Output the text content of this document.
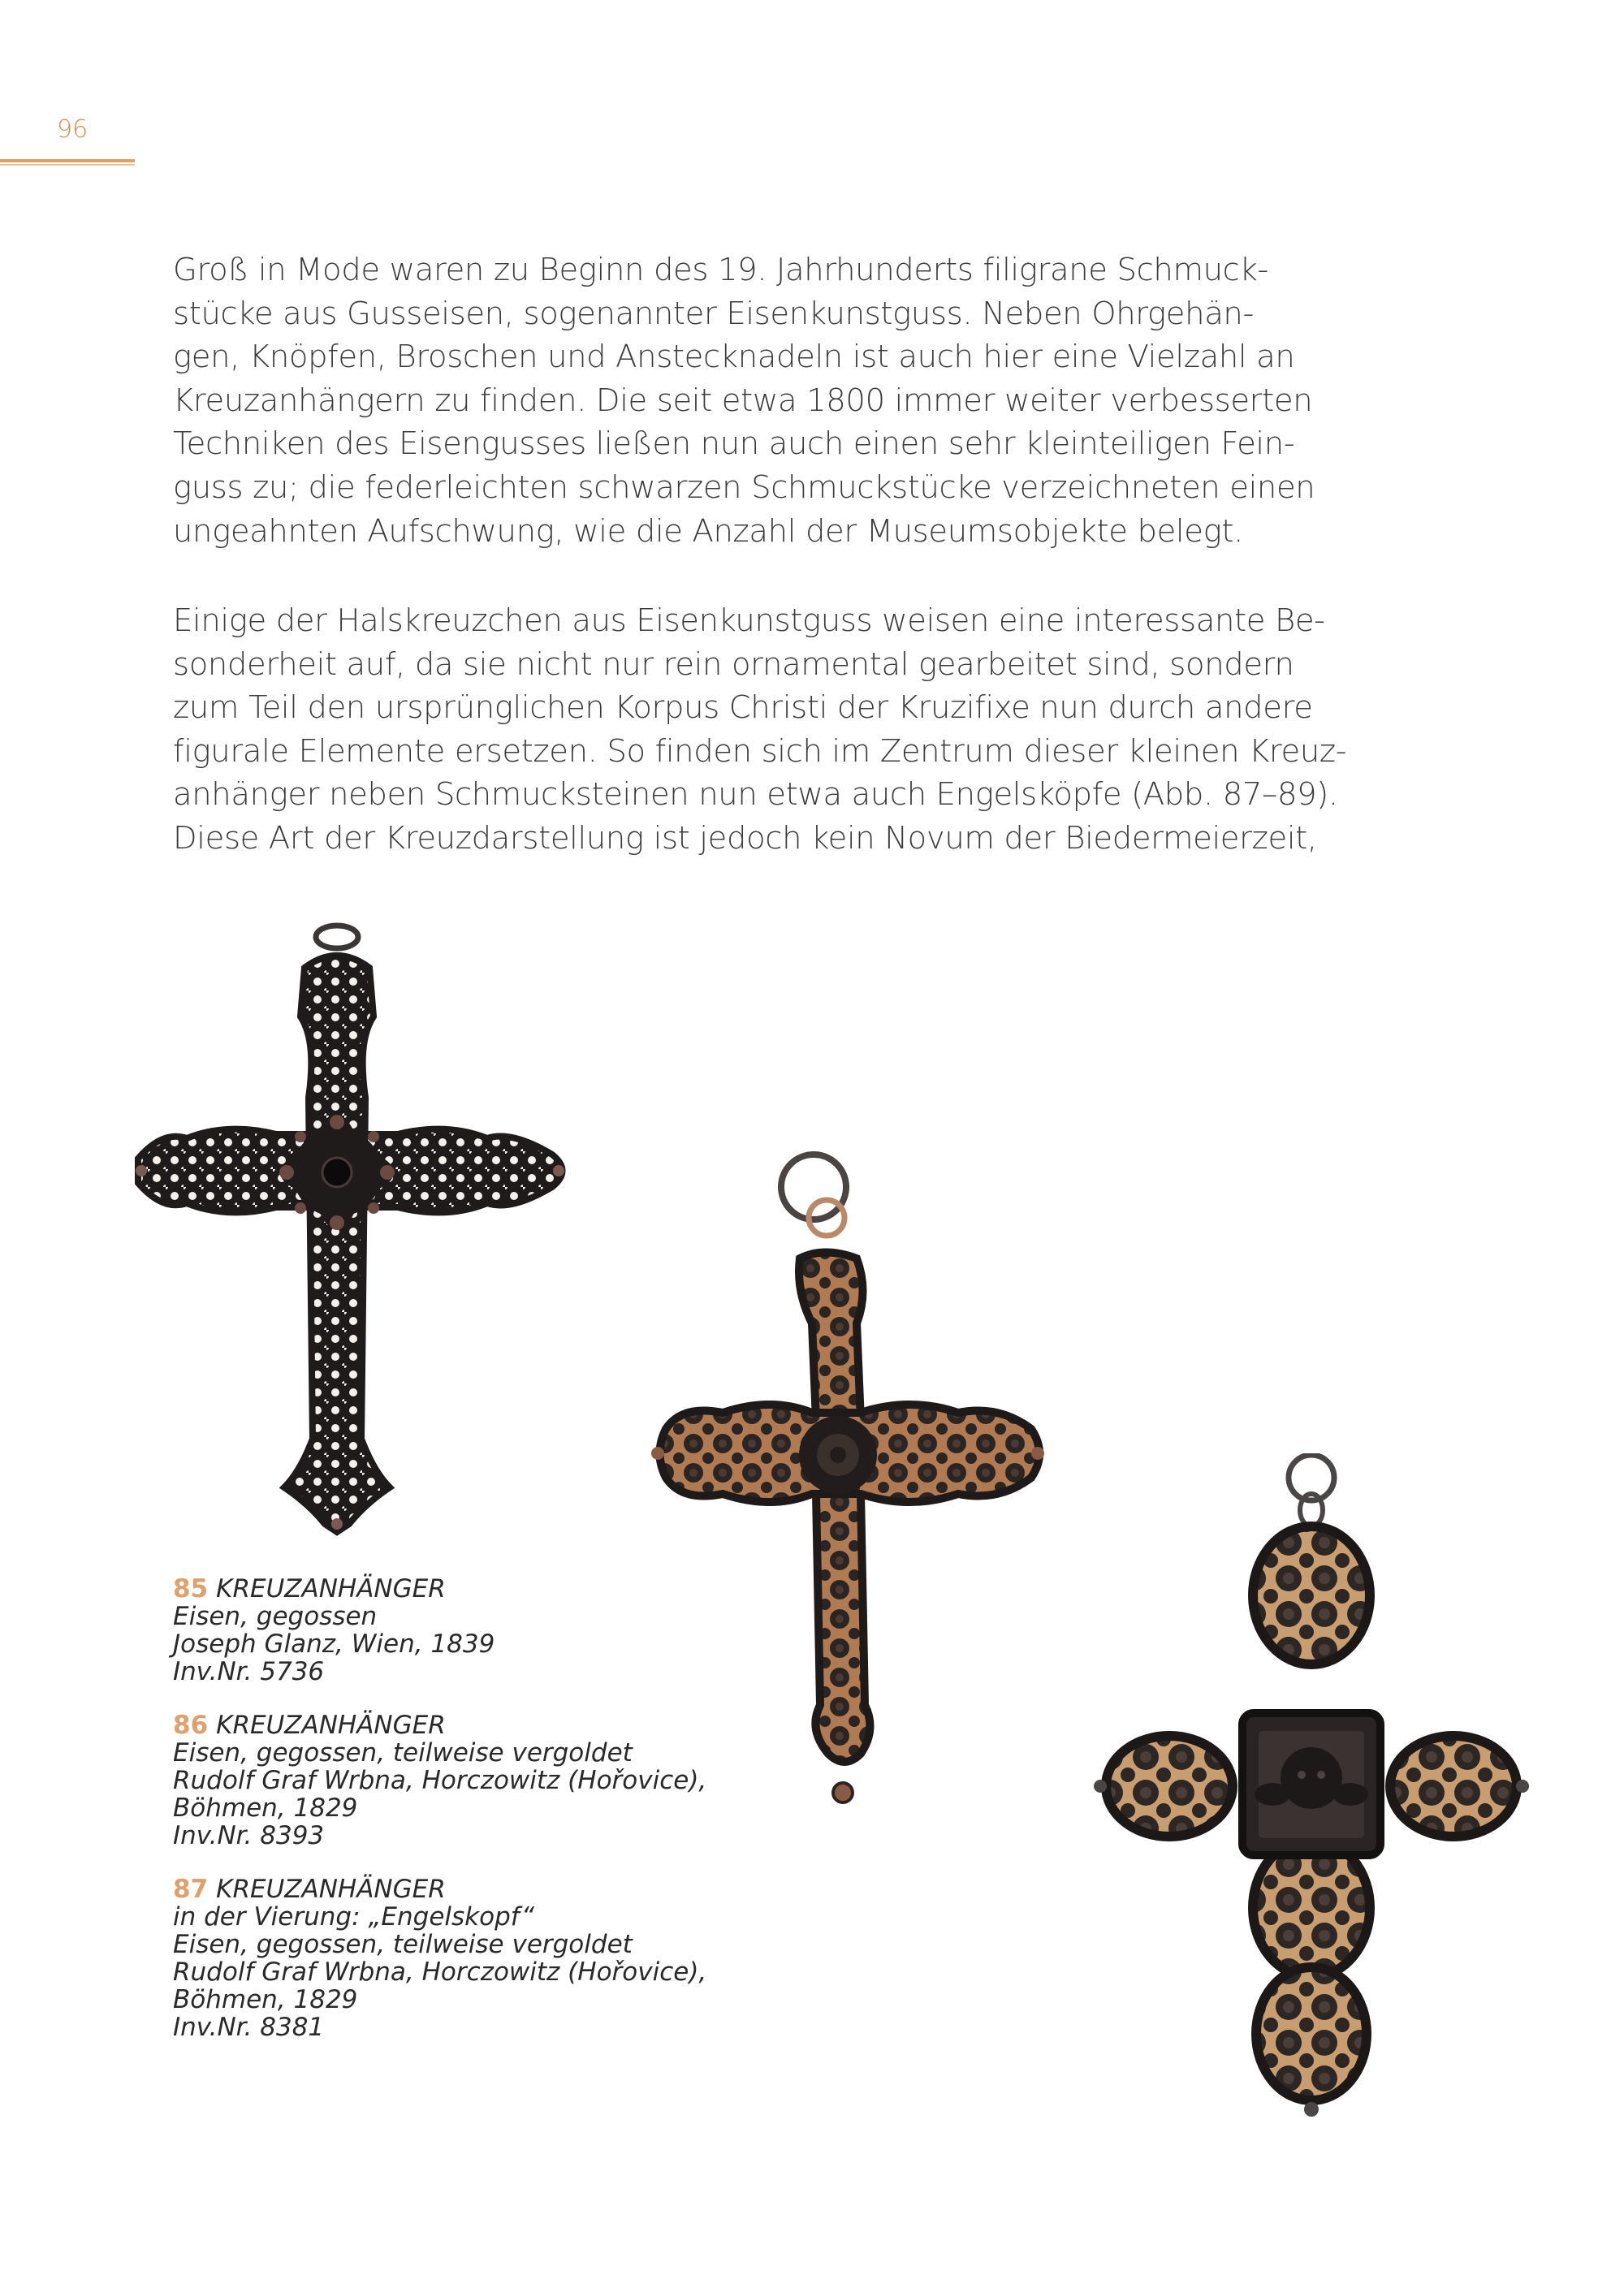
96
Groß in Mode waren zu Beginn des 19. Jahrhunderts filigrane Schmuck-
stücke aus Gusseisen, sogenannter Eisenkunstguss. Neben Ohrgehän-
gen, Knöpfen, Broschen und Anstecknadeln ist auch hier eine Vielzahl an
Kreuzanhängern zu finden. Die seit etwa 1800 immer weiter verbesserten
Techniken des Eisengusses ließen nun auch einen sehr kleinteiligen Fein-
guss zu; die federleichten schwarzen Schmuckstücke verzeichneten einen
ungeahnten Aufschwung, wie die Anzahl der Museumsobjekte belegt.
Einige der Halskreuzchen aus Eisenkunstguss weisen eine interessante Be-
sonderheit auf, da sie nicht nur rein ornamental gearbeitet sind, sondern
zum Teil den ursprünglichen Korpus Christi der Kruzifixe nun durch andere
figurale Elemente ersetzen. So finden sich im Zentrum dieser kleinen Kreuz-
anhänger neben Schmucksteinen nun etwa auch Engelsköpfe (Abb. 87–89).
Diese Art der Kreuzdarstellung ist jedoch kein Novum der Biedermeierzeit,
85 KREUZANHÄNGER
Eisen, gegossen
Joseph Glanz, Wien, 1839
Inv.Nr. 5736
86 KREUZANHÄNGER
Eisen, gegossen, teilweise vergoldet
Rudolf Graf Wrbna, Horczowitz (Hořovice),
Böhmen, 1829
Inv.Nr. 8393
87 KREUZANHÄNGER
in der Vierung: „Engelskopf“
Eisen, gegossen, teilweise vergoldet
Rudolf Graf Wrbna, Horczowitz (Hořovice),
Böhmen, 1829
Inv.Nr. 8381
